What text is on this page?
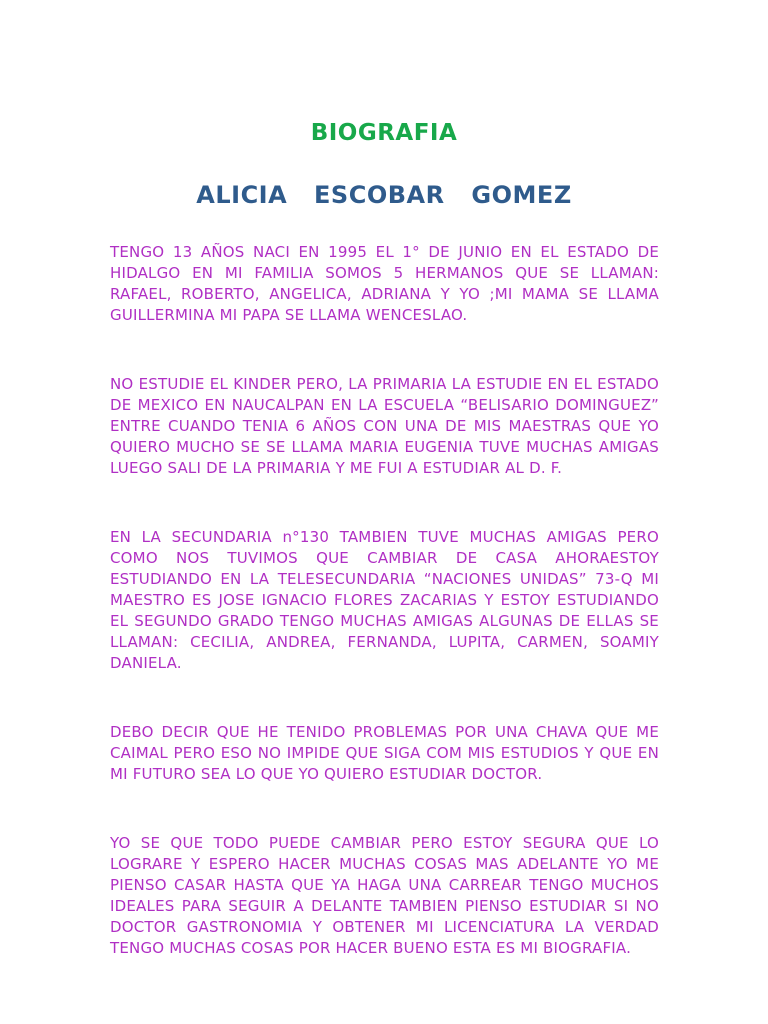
BIOGRAFIA
ALICIA ESCOBAR GOMEZ

TENGO 13 AÑOS NACI EN 1995 EL 1° DE JUNIO EN EL ESTADO DE HIDALGO EN MI FAMILIA SOMOS 5 HERMANOS QUE SE LLAMAN: RAFAEL, ROBERTO, ANGELICA, ADRIANA Y YO ;MI MAMA SE LLAMA GUILLERMINA MI PAPA SE LLAMA WENCESLAO.

NO ESTUDIE EL KINDER PERO, LA PRIMARIA LA ESTUDIE EN EL ESTADO DE MEXICO EN NAUCALPAN EN LA ESCUELA “BELISARIO DOMINGUEZ” ENTRE CUANDO TENIA 6 AÑOS CON UNA DE MIS MAESTRAS QUE YO QUIERO MUCHO SE SE LLAMA MARIA EUGENIA TUVE MUCHAS AMIGAS LUEGO SALI DE LA PRIMARIA Y ME FUI A ESTUDIAR AL D. F.

EN LA SECUNDARIA n°130 TAMBIEN TUVE MUCHAS AMIGAS PERO COMO NOS TUVIMOS QUE CAMBIAR DE CASA AHORAESTOY ESTUDIANDO EN LA TELESECUNDARIA “NACIONES UNIDAS” 73-Q MI MAESTRO ES JOSE IGNACIO FLORES ZACARIAS Y ESTOY ESTUDIANDO EL SEGUNDO GRADO TENGO MUCHAS AMIGAS ALGUNAS DE ELLAS SE LLAMAN: CECILIA, ANDREA, FERNANDA, LUPITA, CARMEN, SOAMIY DANIELA.

DEBO DECIR QUE HE TENIDO PROBLEMAS POR UNA CHAVA QUE ME CAIMAL PERO ESO NO IMPIDE QUE SIGA COM MIS ESTUDIOS Y QUE EN MI FUTURO SEA LO QUE YO QUIERO ESTUDIAR DOCTOR.

YO SE QUE TODO PUEDE CAMBIAR PERO ESTOY SEGURA QUE LO LOGRARE Y ESPERO HACER MUCHAS COSAS MAS ADELANTE YO ME PIENSO CASAR HASTA QUE YA HAGA UNA CARREAR TENGO MUCHOS IDEALES PARA SEGUIR A DELANTE TAMBIEN PIENSO ESTUDIAR SI NO DOCTOR GASTRONOMIA Y OBTENER MI LICENCIATURA LA VERDAD TENGO MUCHAS COSAS POR HACER BUENO ESTA ES MI BIOGRAFIA.
